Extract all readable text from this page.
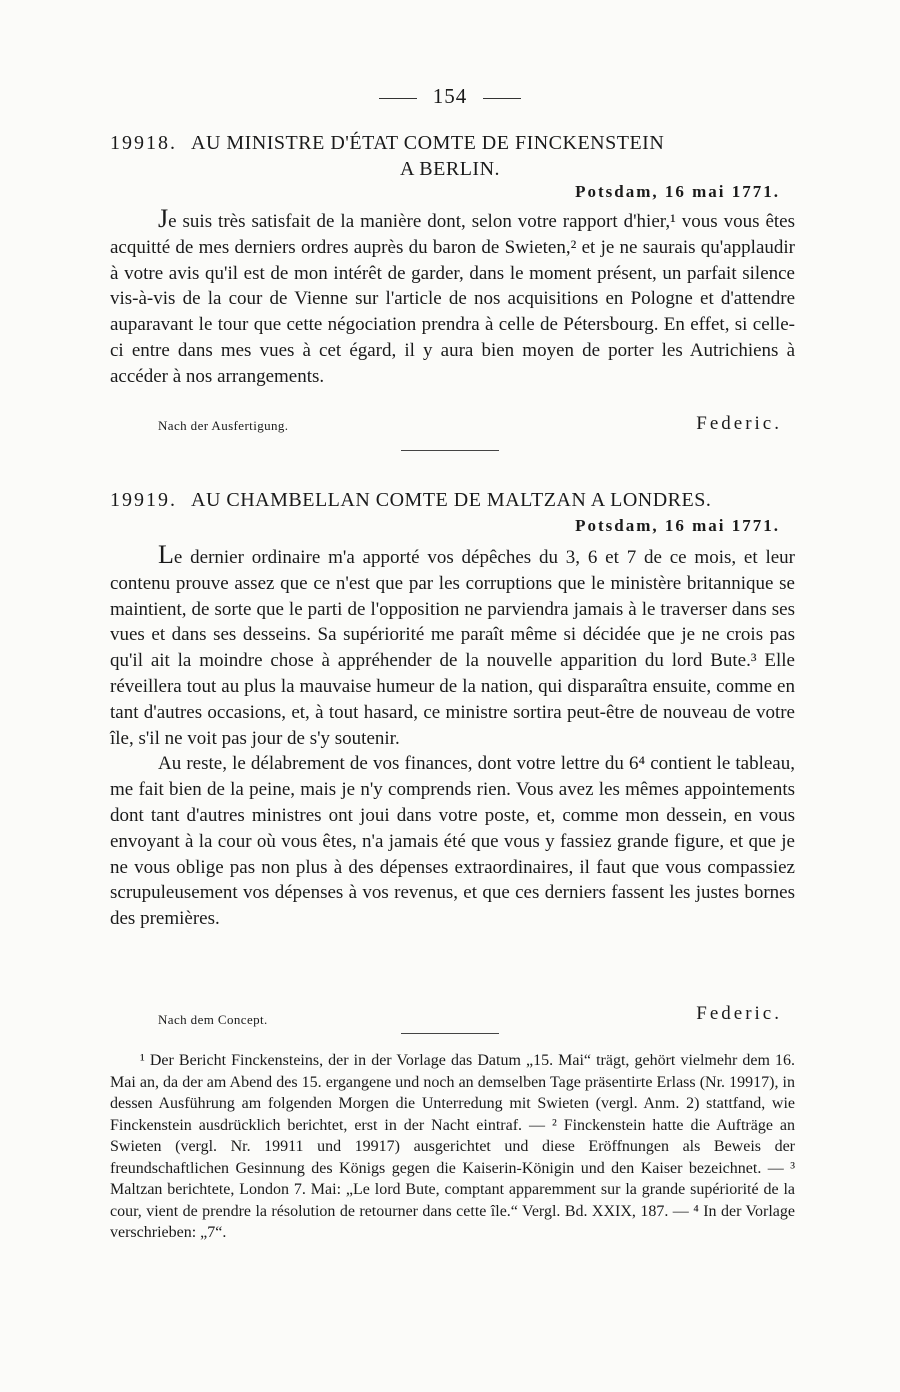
154
19918. AU MINISTRE D'ÉTAT COMTE DE FINCKENSTEIN
A BERLIN.
Potsdam, 16 mai 1771.

Je suis très satisfait de la manière dont, selon votre rapport d'hier,¹ vous vous êtes acquitté de mes derniers ordres auprès du baron de Swieten,² et je ne saurais qu'applaudir à votre avis qu'il est de mon intérêt de garder, dans le moment présent, un parfait silence vis-à-vis de la cour de Vienne sur l'article de nos acquisitions en Pologne et d'attendre auparavant le tour que cette négociation prendra à celle de Pétersbourg. En effet, si celle-ci entre dans mes vues à cet égard, il y aura bien moyen de porter les Autrichiens à accéder à nos arrangements.

Nach der Ausfertigung.	Federic.
19919. AU CHAMBELLAN COMTE DE MALTZAN A LONDRES.
Potsdam, 16 mai 1771.

Le dernier ordinaire m'a apporté vos dépêches du 3, 6 et 7 de ce mois, et leur contenu prouve assez que ce n'est que par les corruptions que le ministère britannique se maintient, de sorte que le parti de l'opposition ne parviendra jamais à le traverser dans ses vues et dans ses desseins. Sa supériorité me paraît même si décidée que je ne crois pas qu'il ait la moindre chose à appréhender de la nouvelle apparition du lord Bute.³ Elle réveillera tout au plus la mauvaise humeur de la nation, qui disparaîtra ensuite, comme en tant d'autres occasions, et, à tout hasard, ce ministre sortira peut-être de nouveau de votre île, s'il ne voit pas jour de s'y soutenir.

Au reste, le délabrement de vos finances, dont votre lettre du 6⁴ contient le tableau, me fait bien de la peine, mais je n'y comprends rien. Vous avez les mêmes appointements dont tant d'autres ministres ont joui dans votre poste, et, comme mon dessein, en vous envoyant à la cour où vous êtes, n'a jamais été que vous y fassiez grande figure, et que je ne vous oblige pas non plus à des dépenses extraordinaires, il faut que vous compassiez scrupuleusement vos dépenses à vos revenus, et que ces derniers fassent les justes bornes des premières.

Nach dem Concept.	Federic.

¹ Der Bericht Finckensteins, der in der Vorlage das Datum „15. Mai“ trägt, gehört vielmehr dem 16. Mai an, da der am Abend des 15. ergangene und noch an demselben Tage präsentirte Erlass (Nr. 19917), in dessen Ausführung am folgenden Morgen die Unterredung mit Swieten (vergl. Anm. 2) stattfand, wie Finckenstein ausdrücklich berichtet, erst in der Nacht eintraf. — ² Finckenstein hatte die Aufträge an Swieten (vergl. Nr. 19911 und 19917) ausgerichtet und diese Eröffnungen als Beweis der freundschaftlichen Gesinnung des Königs gegen die Kaiserin-Königin und den Kaiser bezeichnet. — ³ Maltzan berichtete, London 7. Mai: „Le lord Bute, comptant apparemment sur la grande supériorité de la cour, vient de prendre la résolution de retourner dans cette île.“ Vergl. Bd. XXIX, 187. — ⁴ In der Vorlage verschrieben: „7“.
